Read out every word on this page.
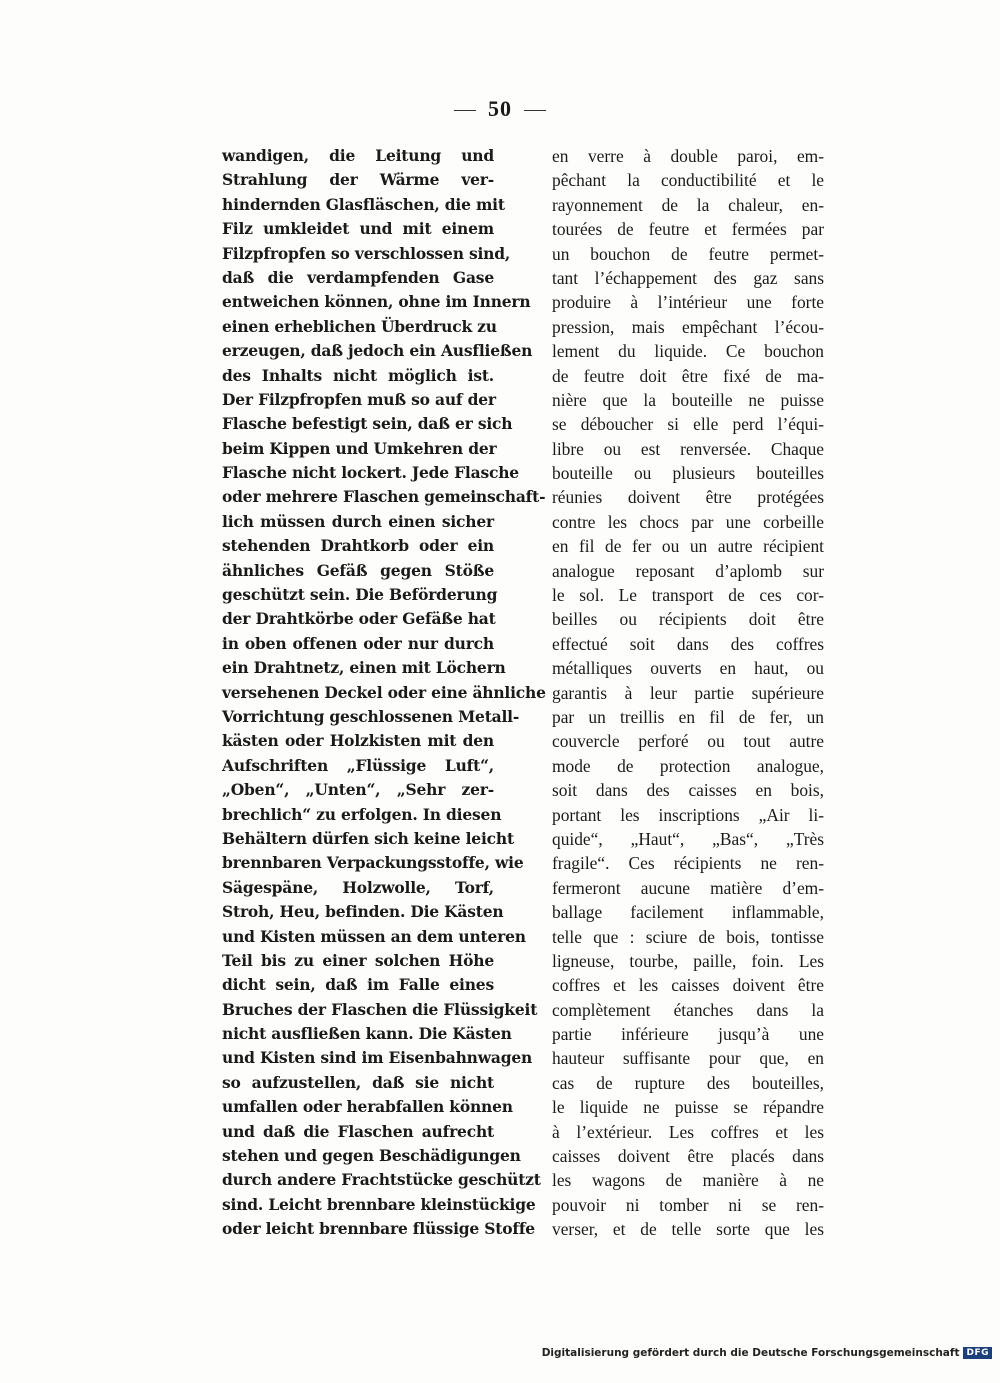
50
wandigen, die Leitung und
Strahlung der Wärme ver-
hindernden Glasfläschen, die mit
Filz umkleidet und mit einem
Filzpfropfen so verschlossen sind,
daß die verdampfenden Gase
entweichen können, ohne im Innern
einen erheblichen Überdruck zu
erzeugen, daß jedoch ein Ausfließen
des Inhalts nicht möglich ist.
Der Filzpfropfen muß so auf der
Flasche befestigt sein, daß er sich
beim Kippen und Umkehren der
Flasche nicht lockert. Jede Flasche
oder mehrere Flaschen gemeinschaft-
lich müssen durch einen sicher
stehenden Drahtkorb oder ein
ähnliches Gefäß gegen Stöße
geschützt sein. Die Beförderung
der Drahtkörbe oder Gefäße hat
in oben offenen oder nur durch
ein Drahtnetz, einen mit Löchern
versehenen Deckel oder eine ähnliche
Vorrichtung geschlossenen Metall-
kästen oder Holzkisten mit den
Aufschriften „Flüssige Luft“,
„Oben“, „Unten“, „Sehr zer-
brechlich“ zu erfolgen. In diesen
Behältern dürfen sich keine leicht
brennbaren Verpackungsstoffe, wie
Sägespäne, Holzwolle, Torf,
Stroh, Heu, befinden. Die Kästen
und Kisten müssen an dem unteren
Teil bis zu einer solchen Höhe
dicht sein, daß im Falle eines
Bruches der Flaschen die Flüssigkeit
nicht ausfließen kann. Die Kästen
und Kisten sind im Eisenbahnwagen
so aufzustellen, daß sie nicht
umfallen oder herabfallen können
und daß die Flaschen aufrecht
stehen und gegen Beschädigungen
durch andere Frachtstücke geschützt
sind. Leicht brennbare kleinstückige
oder leicht brennbare flüssige Stoffe
en verre à double paroi, em-
pêchant la conductibilité et le
rayonnement de la chaleur, en-
tourées de feutre et fermées par
un bouchon de feutre permet-
tant l’échappement des gaz sans
produire à l’intérieur une forte
pression, mais empêchant l’écou-
lement du liquide. Ce bouchon
de feutre doit être fixé de ma-
nière que la bouteille ne puisse
se déboucher si elle perd l’équi-
libre ou est renversée. Chaque
bouteille ou plusieurs bouteilles
réunies doivent être protégées
contre les chocs par une corbeille
en fil de fer ou un autre récipient
analogue reposant d’aplomb sur
le sol. Le transport de ces cor-
beilles ou récipients doit être
effectué soit dans des coffres
métalliques ouverts en haut, ou
garantis à leur partie supérieure
par un treillis en fil de fer, un
couvercle perforé ou tout autre
mode de protection analogue,
soit dans des caisses en bois,
portant les inscriptions „Air li-
quide“, „Haut“, „Bas“, „Très
fragile“. Ces récipients ne ren-
fermeront aucune matière d’em-
ballage facilement inflammable,
telle que : sciure de bois, tontisse
ligneuse, tourbe, paille, foin. Les
coffres et les caisses doivent être
complètement étanches dans la
partie inférieure jusqu’à une
hauteur suffisante pour que, en
cas de rupture des bouteilles,
le liquide ne puisse se répandre
à l’extérieur. Les coffres et les
caisses doivent être placés dans
les wagons de manière à ne
pouvoir ni tomber ni se ren-
verser, et de telle sorte que les
Digitalisierung gefördert durch die Deutsche Forschungsgemeinschaft DFG
